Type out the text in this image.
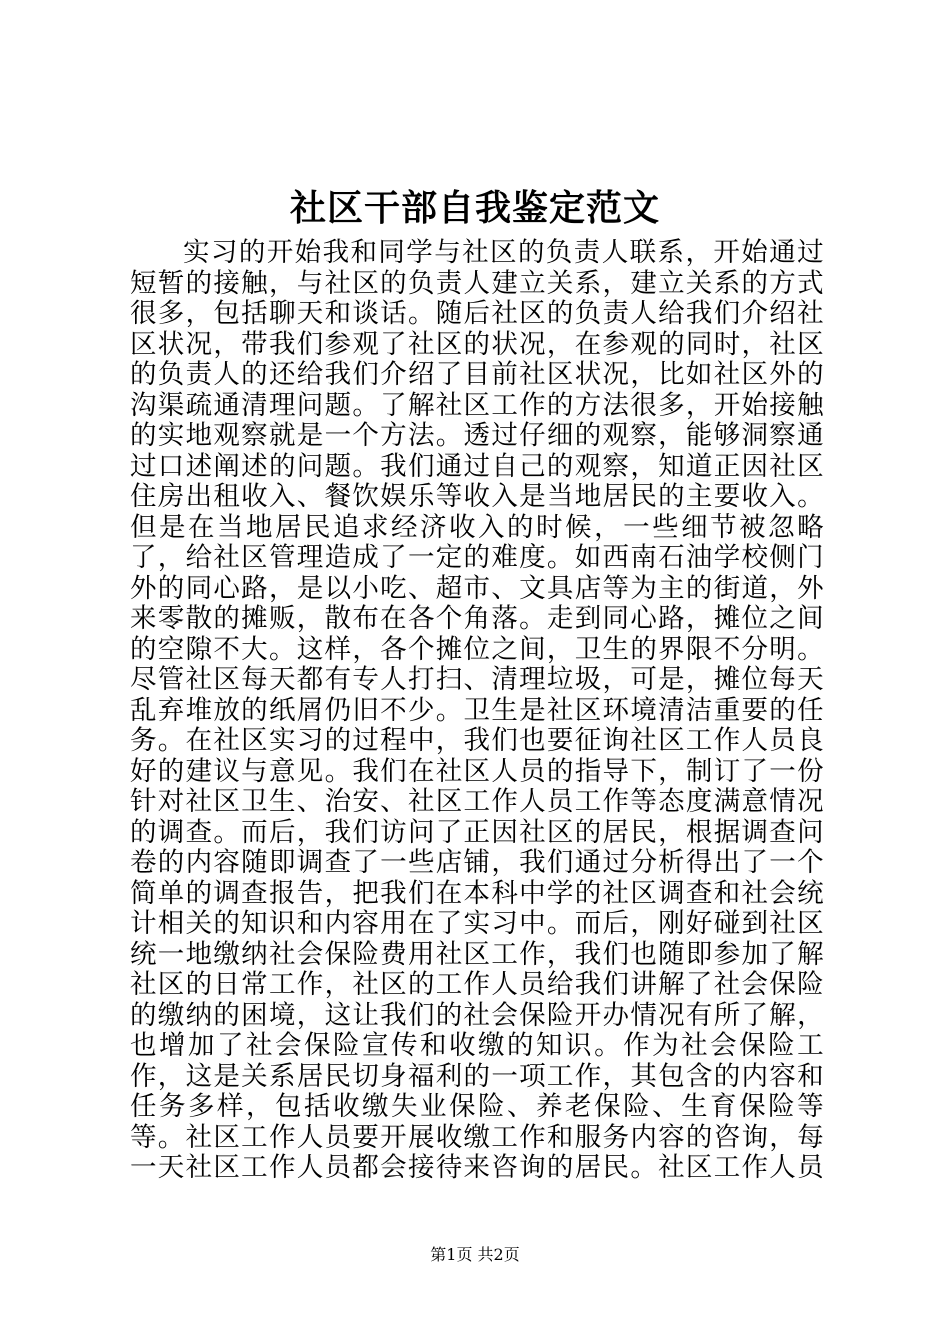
社区干部自我鉴定范文
实习的开始我和同学与社区的负责人联系，开始通过短暂的接触，与社区的负责人建立关系，建立关系的方式很多，包括聊天和谈话。随后社区的负责人给我们介绍社区状况，带我们参观了社区的状况，在参观的同时，社区的负责人的还给我们介绍了目前社区状况，比如社区外的沟渠疏通清理问题。了解社区工作的方法很多，开始接触的实地观察就是一个方法。透过仔细的观察，能够洞察通过口述阐述的问题。我们通过自己的观察，知道正因社区住房出租收入、餐饮娱乐等收入是当地居民的主要收入。但是在当地居民追求经济收入的时候，一些细节被忽略了，给社区管理造成了一定的难度。如西南石油学校侧门外的同心路，是以小吃、超市、文具店等为主的街道，外来零散的摊贩，散布在各个角落。走到同心路，摊位之间的空隙不大。这样，各个摊位之间，卫生的界限不分明。尽管社区每天都有专人打扫、清理垃圾，可是，摊位每天乱弃堆放的纸屑仍旧不少。卫生是社区环境清洁重要的任务。在社区实习的过程中，我们也要征询社区工作人员良好的建议与意见。我们在社区人员的指导下，制订了一份针对社区卫生、治安、社区工作人员工作等态度满意情况的调查。而后，我们访问了正因社区的居民，根据调查问卷的内容随即调查了一些店铺，我们通过分析得出了一个简单的调查报告，把我们在本科中学的社区调查和社会统计相关的知识和内容用在了实习中。而后，刚好碰到社区统一地缴纳社会保险费用社区工作，我们也随即参加了解社区的日常工作，社区的工作人员给我们讲解了社会保险的缴纳的困境，这让我们的社会保险开办情况有所了解，也增加了社会保险宣传和收缴的知识。作为社会保险工作，这是关系居民切身福利的一项工作，其包含的内容和任务多样，包括收缴失业保险、养老保险、生育保险等等。社区工作人员要开展收缴工作和服务内容的咨询，每一天社区工作人员都会接待来咨询的居民。社区工作人员
第1页 共2页
